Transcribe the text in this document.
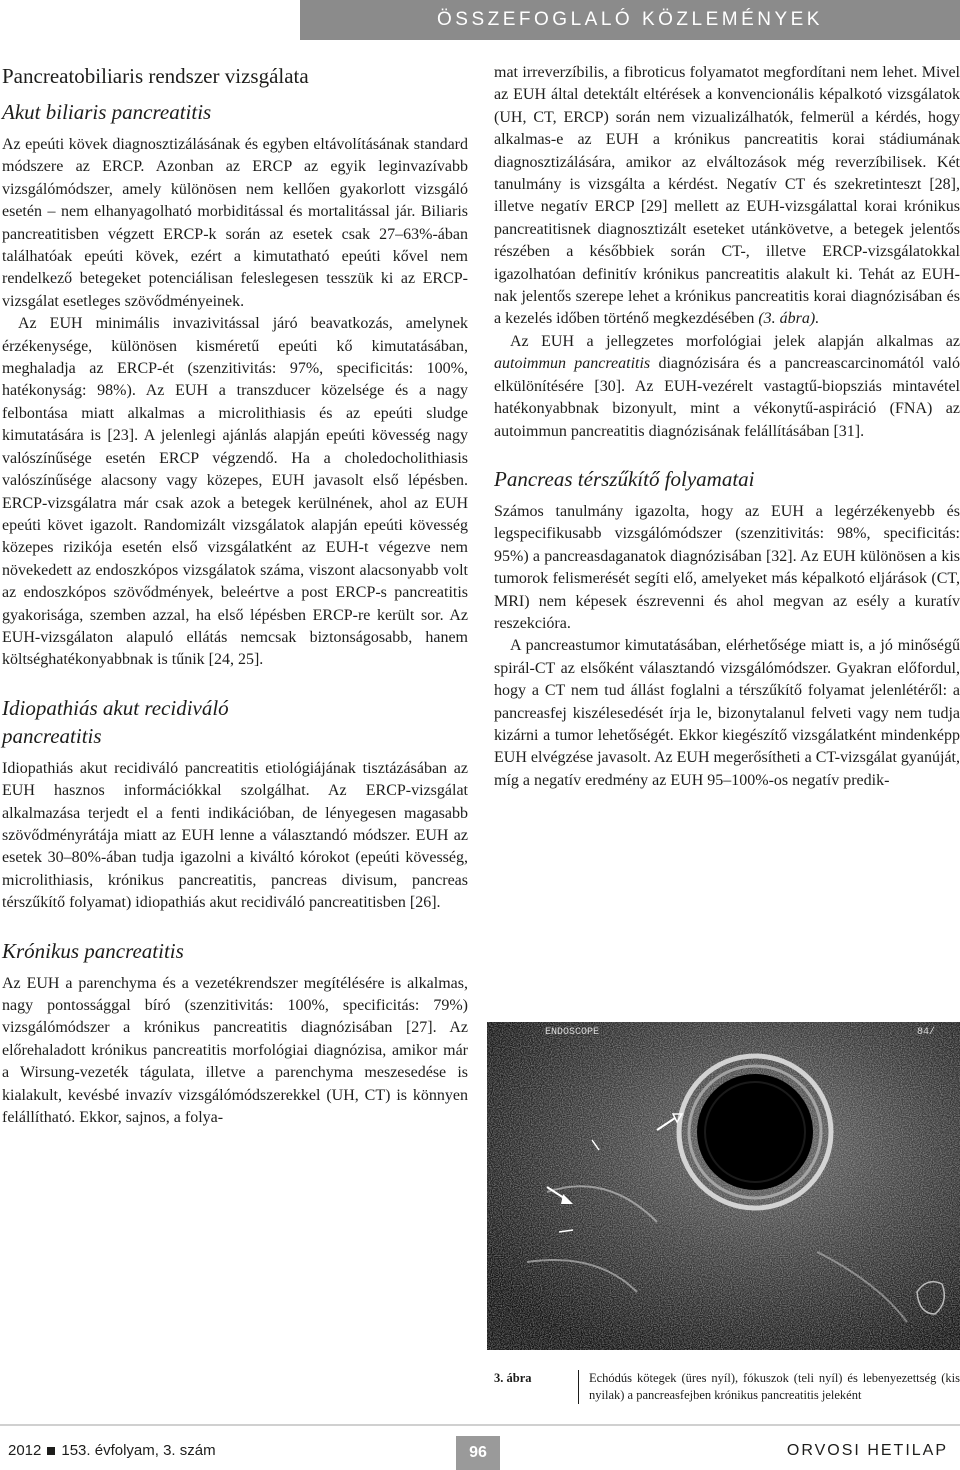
ÖSSZEFOGLALÓ KÖZLEMÉNYEK
Pancreatobiliaris rendszer vizsgálata
Akut biliaris pancreatitis

Az epeúti kövek diagnosztizálásának és egyben eltávolításának standard módszere az ERCP. Azonban az ERCP az egyik leginvazívabb vizsgálómódszer, amely különösen nem kellően gyakorlott vizsgáló esetén – nem elhanyagolható morbiditással és mortalitással jár. Biliaris pancreatitisben végzett ERCP-k során az esetek csak 27–63%-ában találhatóak epeúti kövek, ezért a kimutatható epeúti kővel nem rendelkező betegeket potenciálisan feleslegesen tesszük ki az ERCP-vizsgálat esetleges szövődményeinek.

Az EUH minimális invazivitással járó beavatkozás, amelynek érzékenysége, különösen kisméretű epeúti kő kimutatásában, meghaladja az ERCP-ét (szenzitivitás: 97%, specificitás: 100%, hatékonyság: 98%). Az EUH a transzducer közelsége és a nagy felbontása miatt alkalmas a microlithiasis és az epeúti sludge kimutatására is [23]. A jelenlegi ajánlás alapján epeúti kövesség nagy valószínűsége esetén ERCP végzendő. Ha a choledocholithiasis valószínűsége alacsony vagy közepes, EUH javasolt első lépésben. ERCP-vizsgálatra már csak azok a betegek kerülnének, ahol az EUH epeúti követ igazolt. Randomizált vizsgálatok alapján epeúti kövesség közepes rizikója esetén első vizsgálatként az EUH-t végezve nem növekedett az endoszkópos vizsgálatok száma, viszont alacsonyabb volt az endoszkópos szövődmények, beleértve a post ERCP-s pancreatitis gyakorisága, szemben azzal, ha első lépésben ERCP-re került sor. Az EUH-vizsgálaton alapuló ellátás nemcsak biztonságosabb, hanem költséghatékonyabbnak is tűnik [24, 25].

Idiopathiás akut recidiváló pancreatitis

Idiopathiás akut recidiváló pancreatitis etiológiájának tisztázásában az EUH hasznos információkkal szolgálhat. Az ERCP-vizsgálat alkalmazása terjedt el a fenti indikációban, de lényegesen magasabb szövődményrátája miatt az EUH lenne a választandó módszer. EUH az esetek 30–80%-ában tudja igazolni a kiváltó kórokot (epeúti kövesség, microlithiasis, krónikus pancreatitis, pancreas divisum, pancreas térszűkítő folyamat) idiopathiás akut recidiváló pancreatitisben [26].

Krónikus pancreatitis

Az EUH a parenchyma és a vezetékrendszer megítélésére is alkalmas, nagy pontossággal bíró (szenzitivitás: 100%, specificitás: 79%) vizsgálómódszer a krónikus pancreatitis diagnózisában [27]. Az előrehaladott krónikus pancreatitis morfológiai diagnózisa, amikor már a Wirsung-vezeték tágulata, illetve a parenchyma meszesedése is kialakult, kevésbé invazív vizsgálómódszerekkel (UH, CT) is könnyen felállítható. Ekkor, sajnos, a folya-

mat irreverzíbilis, a fibroticus folyamatot megfordítani nem lehet. Mivel az EUH által detektált eltérések a konvencionális képalkotó vizsgálatok (UH, CT, ERCP) során nem vizualizálhatók, felmerül a kérdés, hogy alkalmas-e az EUH a krónikus pancreatitis korai stádiumának diagnosztizálására, amikor az elváltozások még reverzíbilisek. Két tanulmány is vizsgálta a kérdést. Negatív CT és szekretinteszt [28], illetve negatív ERCP [29] mellett az EUH-vizsgálattal korai krónikus pancreatitisnek diagnosztizált eseteket utánkövetve, a betegek jelentős részében a későbbiek során CT-, illetve ERCP-vizsgálatokkal igazolhatóan definitív krónikus pancreatitis alakult ki. Tehát az EUH-nak jelentős szerepe lehet a krónikus pancreatitis korai diagnózisában és a kezelés időben történő megkezdésében (3. ábra).

Az EUH a jellegzetes morfológiai jelek alapján alkalmas az autoimmun pancreatitis diagnózisára és a pancreascarcinomától való elkülönítésére [30]. Az EUH-vezérelt vastagtű-biopsziás mintavétel hatékonyabbnak bizonyult, mint a vékonytű-aspiráció (FNA) az autoimmun pancreatitis diagnózisának felállításában [31].

Pancreas térszűkítő folyamatai

Számos tanulmány igazolta, hogy az EUH a legérzékenyebb és legspecifikusabb vizsgálómódszer (szenzitivitás: 98%, specificitás: 95%) a pancreasdaganatok diagnózisában [32]. Az EUH különösen a kis tumorok felismerését segíti elő, amelyeket más képalkotó eljárások (CT, MRI) nem képesek észrevenni és ahol megvan az esély a kuratív reszekcióra.

A pancreastumor kimutatásában, elérhetősége miatt is, a jó minőségű spirál-CT az elsőként választandó vizsgálómódszer. Gyakran előfordul, hogy a CT nem tud állást foglalni a térszűkítő folyamat jelenlétéről: a pancreasfej kiszélesedését írja le, bizonytalanul felveti vagy nem tudja kizárni a tumor lehetőségét. Ekkor kiegészítő vizsgálatként mindenképp EUH elvégzése javasolt. Az EUH megerősítheti a CT-vizsgálat gyanúját, míg a negatív eredmény az EUH 95–100%-os negatív predik-

ENDOSCOPE	84/
3. ábra	Echódús kötegek (üres nyíl), fókuszok (teli nyíl) és lebenyezettség (kis nyilak) a pancreasfejben krónikus pancreatitis jeleként
2012 153. évfolyam, 3. szám	96	ORVOSI HETILAP
